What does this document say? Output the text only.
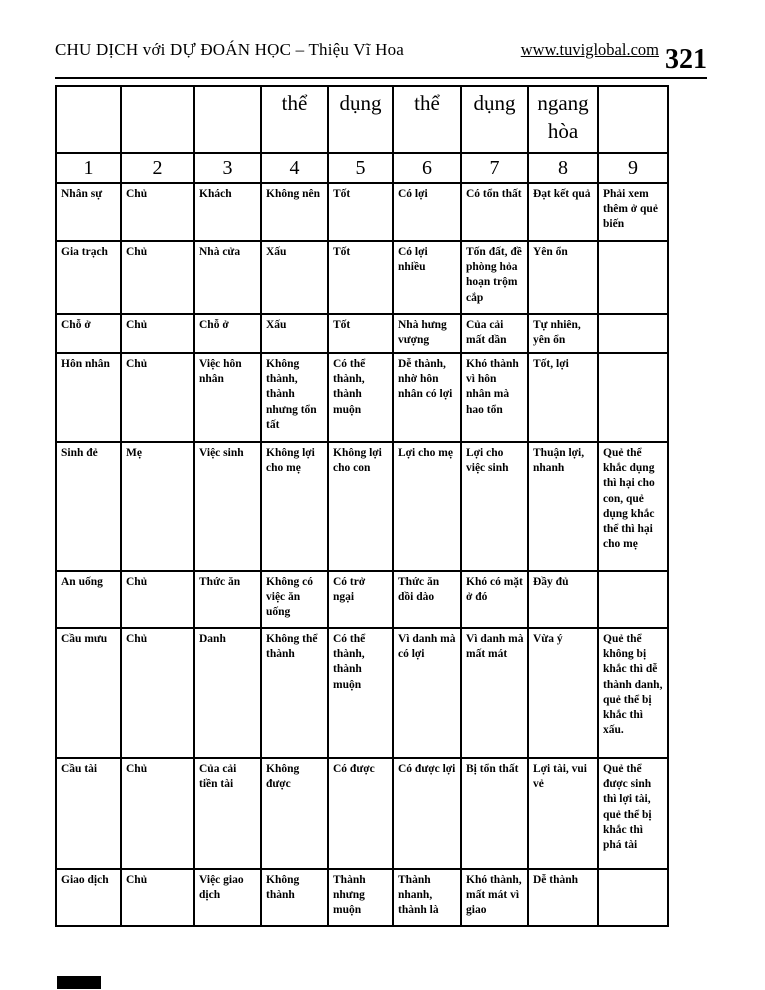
CHU DỊCH với DỰ ĐOÁN HỌC – Thiệu Vĩ Hoa	www.tuviglobal.com 321
			thể	dụng	thể	dụng	ngang hòa	
1	2	3	4	5	6	7	8	9
Nhân sự	Chủ	Khách	Không nên	Tốt	Có lợi	Có tổn thất	Đạt kết quả	Phải xem thêm ở quẻ biến
Gia trạch	Chủ	Nhà cửa	Xấu	Tốt	Có lợi nhiều	Tốn đất, đề phòng hỏa hoạn trộm cắp	Yên ổn	
Chỗ ở	Chủ	Chỗ ở	Xấu	Tốt	Nhà hưng vượng	Của cải mất dần	Tự nhiên, yên ổn	
Hôn nhân	Chủ	Việc hôn nhân	Không thành, thành nhưng tổn tất	Có thể thành, thành muộn	Dễ thành, nhờ hôn nhân có lợi	Khó thành vì hôn nhân mà hao tổn	Tốt, lợi	
Sinh đẻ	Mẹ	Việc sinh	Không lợi cho mẹ	Không lợi cho con	Lợi cho mẹ	Lợi cho việc sinh	Thuận lợi, nhanh	Quẻ thể khắc dụng thì hại cho con, quẻ dụng khắc thể thì hại cho mẹ
An uống	Chủ	Thức ăn	Không có việc ăn uống	Có trở ngại	Thức ăn dồi dào	Khó có mặt ở đó	Đầy đủ	
Cầu mưu	Chủ	Danh	Không thể thành	Có thể thành, thành muộn	Vì danh mà có lợi	Vì danh mà mất mát	Vừa ý	Quẻ thể không bị khắc thì dễ thành danh, quẻ thể bị khắc thì xấu.
Cầu tài	Chủ	Của cải tiền tài	Không được	Có được	Có được lợi	Bị tổn thất	Lợi tài, vui vẻ	Quẻ thể được sinh thì lợi tài, quẻ thể bị khắc thì phá tài
Giao dịch	Chủ	Việc giao dịch	Không thành	Thành nhưng muộn	Thành nhanh, thành là	Khó thành, mất mát vì giao	Dễ thành	
